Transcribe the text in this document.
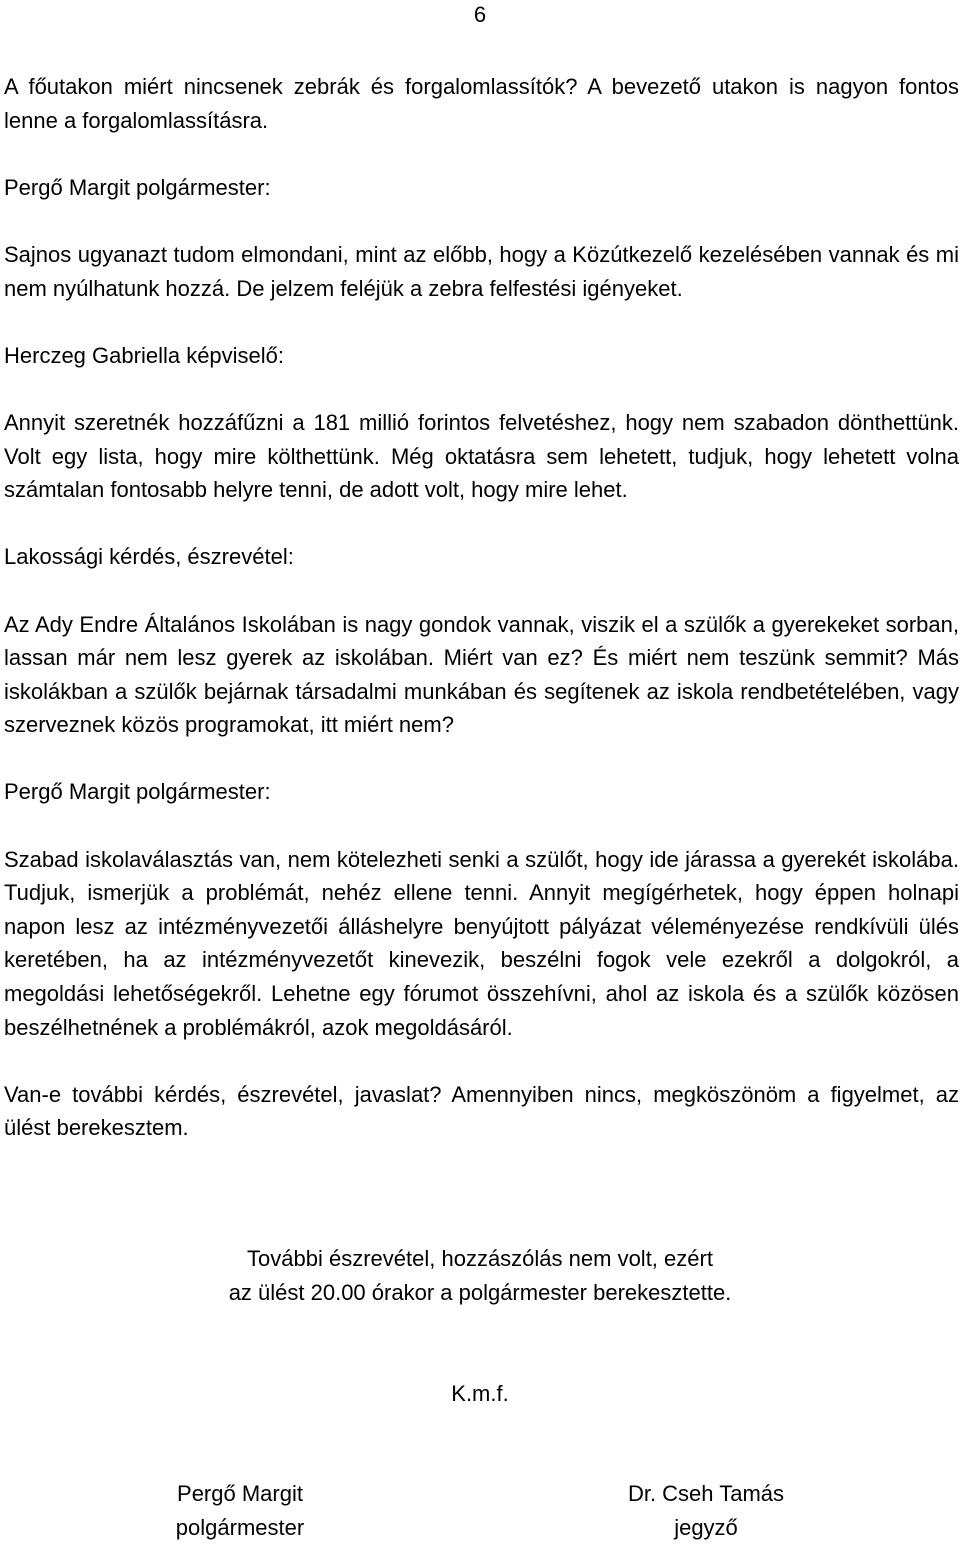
6

A főutakon miért nincsenek zebrák és forgalomlassítók? A bevezető utakon is nagyon fontos lenne a forgalomlassításra.

Pergő Margit polgármester:

Sajnos ugyanazt tudom elmondani, mint az előbb, hogy a Közútkezelő kezelésében vannak és mi nem nyúlhatunk hozzá. De jelzem feléjük a zebra felfestési igényeket.

Herczeg Gabriella képviselő:

Annyit szeretnék hozzáfűzni a 181 millió forintos felvetéshez, hogy nem szabadon dönthettünk. Volt egy lista, hogy mire költhettünk. Még oktatásra sem lehetett, tudjuk, hogy lehetett volna számtalan fontosabb helyre tenni, de adott volt, hogy mire lehet.

Lakossági kérdés, észrevétel:

Az Ady Endre Általános Iskolában is nagy gondok vannak, viszik el a szülők a gyerekeket sorban, lassan már nem lesz gyerek az iskolában. Miért van ez? És miért nem teszünk semmit? Más iskolákban a szülők bejárnak társadalmi munkában és segítenek az iskola rendbetételében, vagy szerveznek közös programokat, itt miért nem?

Pergő Margit polgármester:

Szabad iskolaválasztás van, nem kötelezheti senki a szülőt, hogy ide járassa a gyerekét iskolába. Tudjuk, ismerjük a problémát, nehéz ellene tenni. Annyit megígérhetek, hogy éppen holnapi napon lesz az intézményvezetői álláshelyre benyújtott pályázat véleményezése rendkívüli ülés keretében, ha az intézményvezetőt kinevezik, beszélni fogok vele ezekről a dolgokról, a megoldási lehetőségekről. Lehetne egy fórumot összehívni, ahol az iskola és a szülők közösen beszélhetnének a problémákról, azok megoldásáról.

Van-e további kérdés, észrevétel, javaslat? Amennyiben nincs, megköszönöm a figyelmet, az ülést berekesztem.

További észrevétel, hozzászólás nem volt, ezért
az ülést 20.00 órakor a polgármester berekesztette.
K.m.f.
Pergő Margit
polgármester
Dr. Cseh Tamás
jegyző
